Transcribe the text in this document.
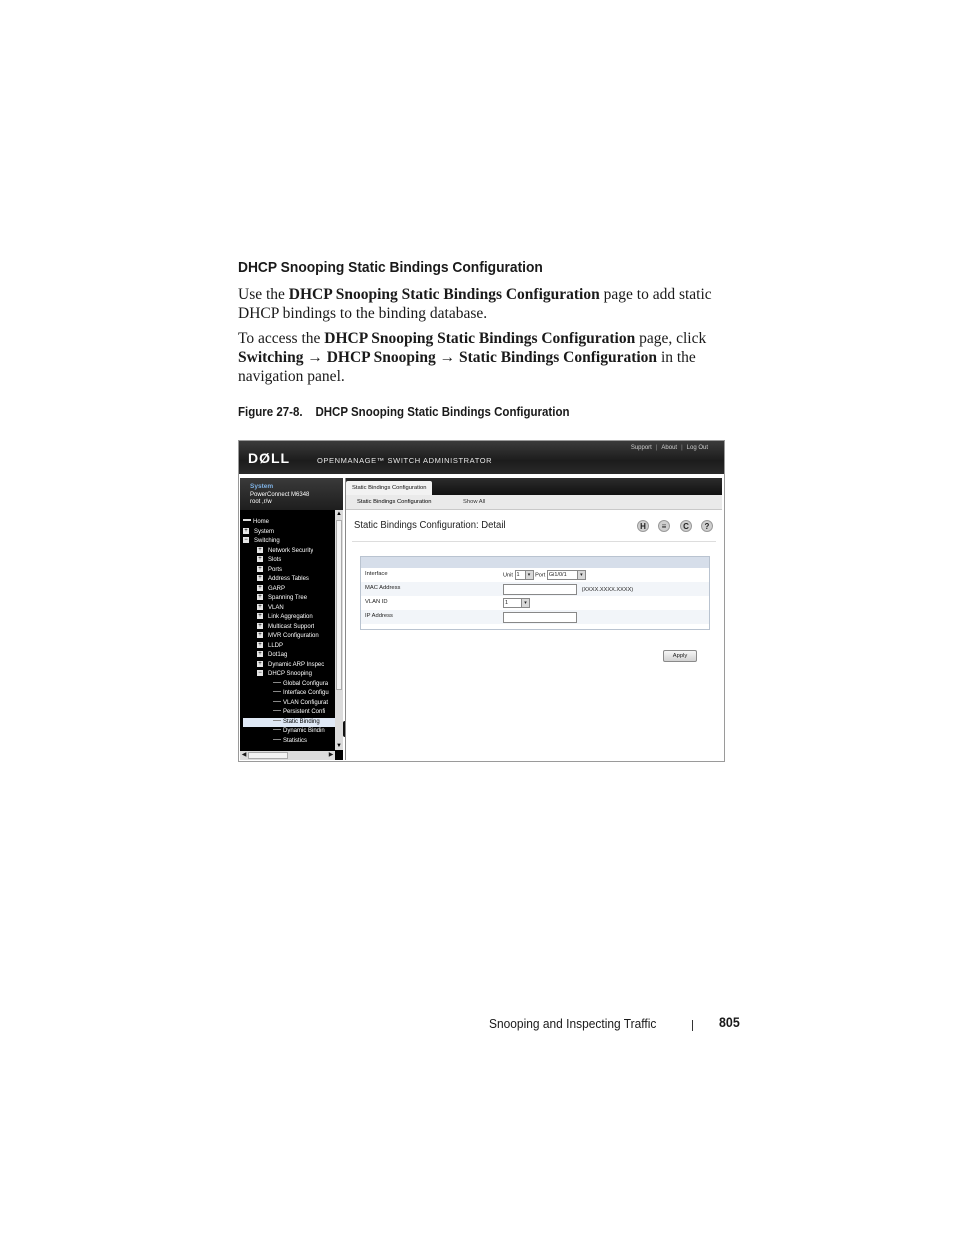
DHCP Snooping Static Bindings Configuration

Use the DHCP Snooping Static Bindings Configuration page to add static DHCP bindings to the binding database.

To access the DHCP Snooping Static Bindings Configuration page, click Switching → DHCP Snooping → Static Bindings Configuration in the navigation panel.

Figure 27-8. DHCP Snooping Static Bindings Configuration
DØLL	OPENMANAGE™ SWITCH ADMINISTRATOR
Support | About | Log Out
System
PowerConnect M6348
root ,r/w
Home
+ System
− Switching
+ Network Security
+ Slots
+ Ports
+ Address Tables
+ GARP
+ Spanning Tree
+ VLAN
+ Link Aggregation
+ Multicast Support
+ MVR Configuration
+ LLDP
+ Dot1ag
+ Dynamic ARP Inspec
− DHCP Snooping
Global Configura
Interface Configu
VLAN Configurat
Persistent Confi
Static Binding
Dynamic Bindin
Statistics
▲
▼
◀	▶
Static Bindings Configuration
Static Bindings Configuration	Show All
Static Bindings Configuration: Detail	H	≡	C	?
Interface	Unit 1	▾ Port Gi1/0/1	▾
MAC Address	(XXXX.XXXX.XXXX)
VLAN ID	1	▾
IP Address
Apply
Snooping and Inspecting Traffic	805
